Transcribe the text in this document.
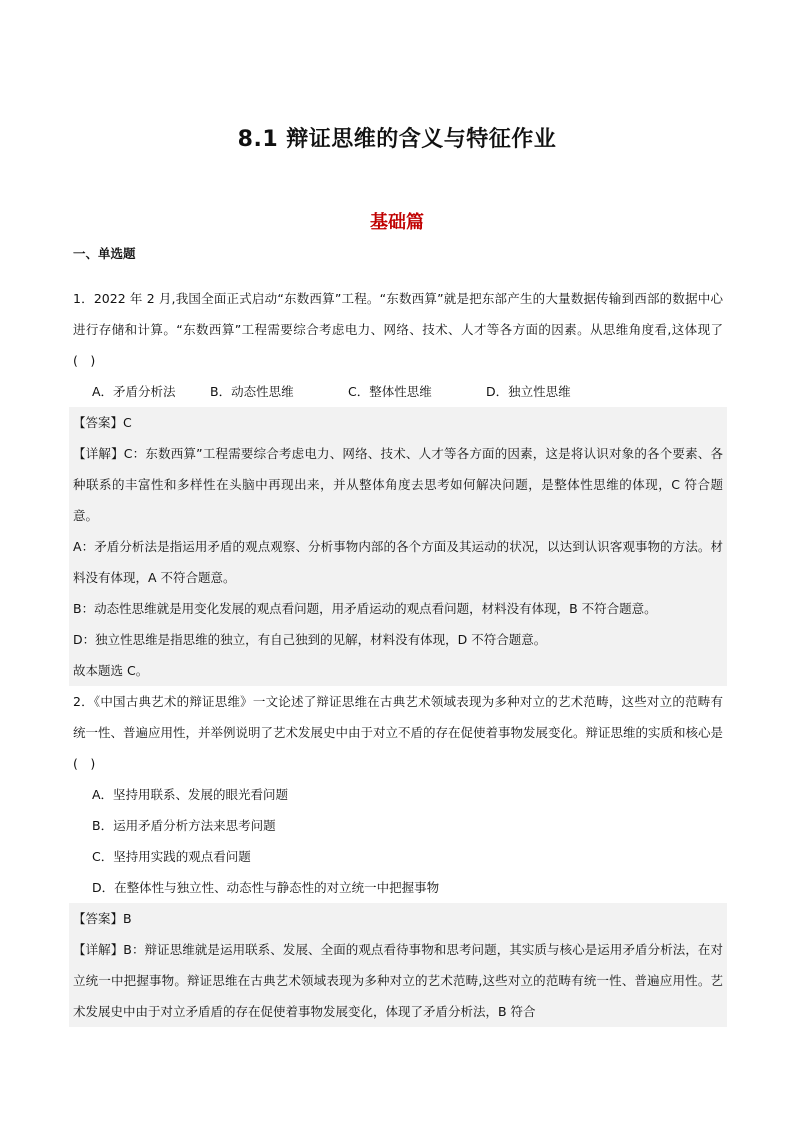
8.1 辩证思维的含义与特征作业
基础篇
一、单选题

1．2022 年 2 月,我国全面正式启动“东数西算”工程。“东数西算”就是把东部产生的大量数据传输到西部的数据中心进行存储和计算。“东数西算”工程需要综合考虑电力、网络、技术、人才等各方面的因素。从思维角度看,这体现了(　)

A．矛盾分析法	B．动态性思维	C．整体性思维	D．独立性思维

【答案】C

【详解】C：东数西算”工程需要综合考虑电力、网络、技术、人才等各方面的因素，这是将认识对象的各个要素、各种联系的丰富性和多样性在头脑中再现出来，并从整体角度去思考如何解决问题，是整体性思维的体现，C 符合题意。

A：矛盾分析法是指运用矛盾的观点观察、分析事物内部的各个方面及其运动的状况，以达到认识客观事物的方法。材料没有体现，A 不符合题意。

B：动态性思维就是用变化发展的观点看问题，用矛盾运动的观点看问题，材料没有体现，B 不符合题意。

D：独立性思维是指思维的独立，有自己独到的见解，材料没有体现，D 不符合题意。

故本题选 C。

2．《中国古典艺术的辩证思维》一文论述了辩证思维在古典艺术领域表现为多种对立的艺术范畴，这些对立的范畴有统一性、普遍应用性，并举例说明了艺术发展史中由于对立不盾的存在促使着事物发展变化。辩证思维的实质和核心是(　)

A．坚持用联系、发展的眼光看问题
B．运用矛盾分析方法来思考问题
C．坚持用实践的观点看问题
D．在整体性与独立性、动态性与静态性的对立统一中把握事物

【答案】B

【详解】B：辩证思维就是运用联系、发展、全面的观点看待事物和思考问题，其实质与核心是运用矛盾分析法，在对立统一中把握事物。辩证思维在古典艺术领域表现为多种对立的艺术范畴,这些对立的范畴有统一性、普遍应用性。艺术发展史中由于对立矛盾盾的存在促使着事物发展变化，体现了矛盾分析法，B 符合
